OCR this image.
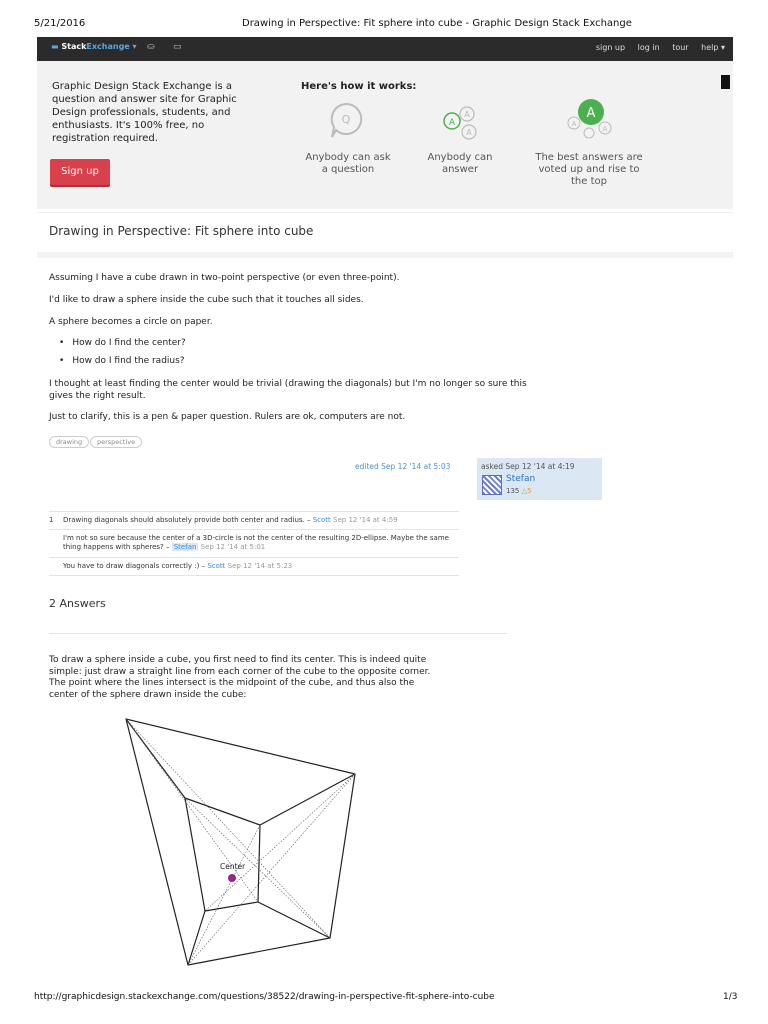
5/21/2016	Drawing in Perspective: Fit sphere into cube - Graphic Design Stack Exchange
http://graphicdesign.stackexchange.com/questions/38522/drawing-in-perspective-fit-sphere-into-cube	1/3
▬ StackExchange ▾ ⛀ ▭	sign up log in tour help ▾
Graphic Design Stack Exchange is a question and answer site for Graphic Design professionals, students, and enthusiasts. It's 100% free, no registration required.
Sign up
Here's how it works:
Q
Anybody can ask a question
A
A
A
Anybody can answer
A
A
A
The best answers are voted up and rise to the top
Drawing in Perspective: Fit sphere into cube
Assuming I have a cube drawn in two-point perspective (or even three-point).
I'd like to draw a sphere inside the cube such that it touches all sides.
A sphere becomes a circle on paper.
• How do I find the center?
• How do I find the radius?
I thought at least finding the center would be trivial (drawing the diagonals) but I'm no longer so sure this gives the right result.
Just to clarify, this is a pen & paper question. Rulers are ok, computers are not.
drawing	perspective
edited Sep 12 '14 at 5:03	asked Sep 12 '14 at 4:19
Stefan
135 △5
1 Drawing diagonals should absolutely provide both center and radius. – Scott Sep 12 '14 at 4:59
I'm not so sure because the center of a 3D-circle is not the center of the resulting 2D-ellipse. Maybe the same thing happens with spheres? – Stefan Sep 12 '14 at 5:01
You have to draw diagonals correctly :) – Scott Sep 12 '14 at 5:23
2 Answers
To draw a sphere inside a cube, you first need to find its center. This is indeed quite simple: just draw a straight line from each corner of the cube to the opposite corner. The point where the lines intersect is the midpoint of the cube, and thus also the center of the sphere drawn inside the cube:
Center
